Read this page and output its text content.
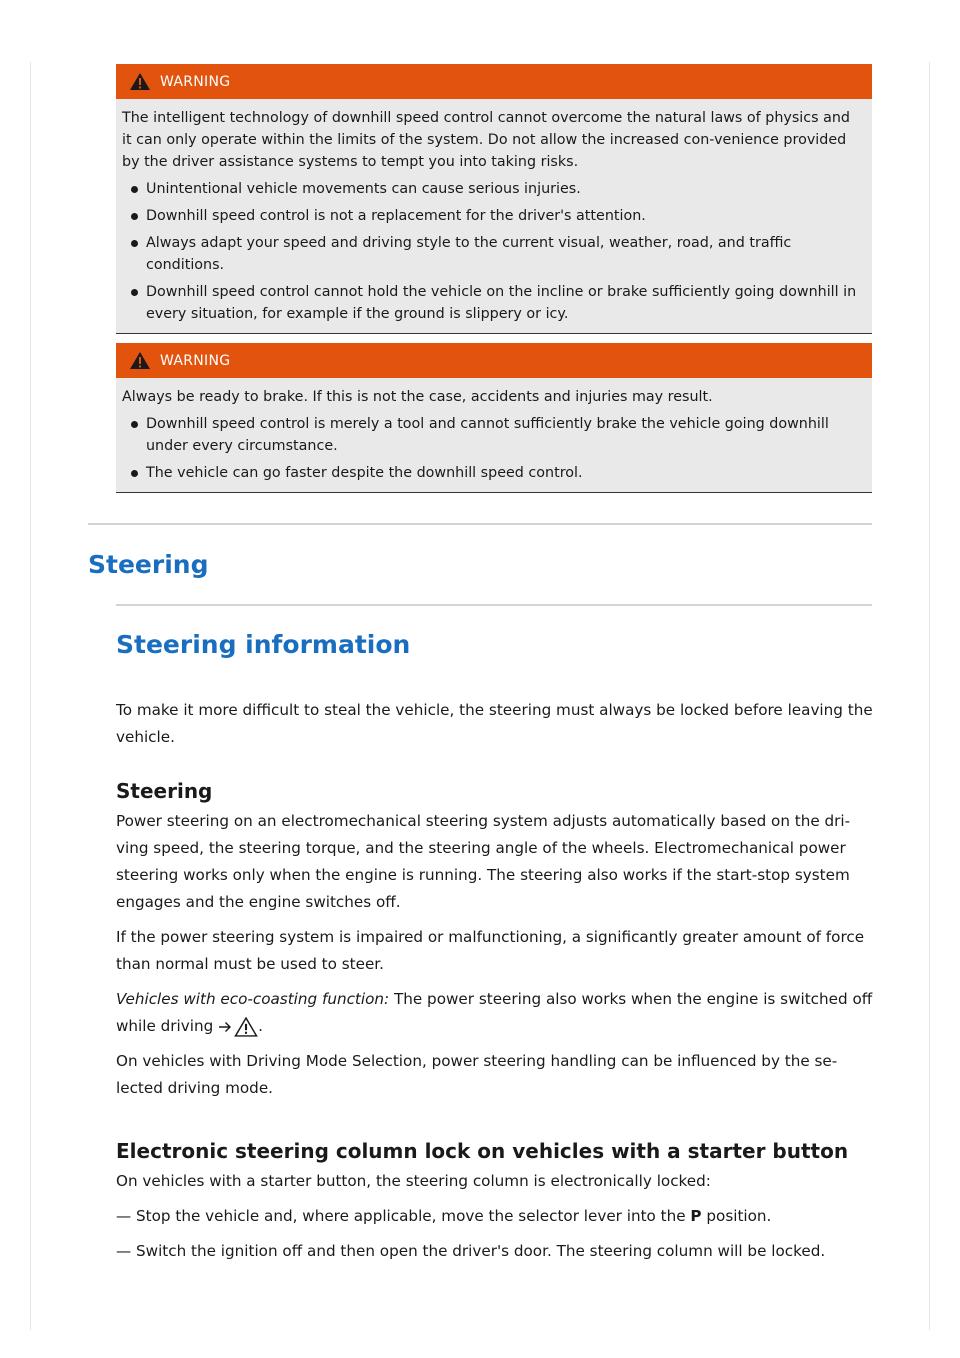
WARNING

The intelligent technology of downhill speed control cannot overcome the natural laws of physics and it can only operate within the limits of the system. Do not allow the increased con-venience provided by the driver assistance systems to tempt you into taking risks.

Unintentional vehicle movements can cause serious injuries.
Downhill speed control is not a replacement for the driver's attention.
Always adapt your speed and driving style to the current visual, weather, road, and traffic conditions.
Downhill speed control cannot hold the vehicle on the incline or brake sufficiently going downhill in every situation, for example if the ground is slippery or icy.
WARNING

Always be ready to brake. If this is not the case, accidents and injuries may result.

Downhill speed control is merely a tool and cannot sufficiently brake the vehicle going downhill under every circumstance.
The vehicle can go faster despite the downhill speed control.
Steering
Steering information

To make it more difficult to steal the vehicle, the steering must always be locked before leaving the vehicle.

Steering

Power steering on an electromechanical steering system adjusts automatically based on the dri-ving speed, the steering torque, and the steering angle of the wheels. Electromechanical power steering works only when the engine is running. The steering also works if the start-stop system engages and the engine switches off.

If the power steering system is impaired or malfunctioning, a significantly greater amount of force than normal must be used to steer.

Vehicles with eco-coasting function: The power steering also works when the engine is switched off while driving	.

On vehicles with Driving Mode Selection, power steering handling can be influenced by the se-lected driving mode.

Electronic steering column lock on vehicles with a starter button

On vehicles with a starter button, the steering column is electronically locked:

— Stop the vehicle and, where applicable, move the selector lever into the P position.

— Switch the ignition off and then open the driver's door. The steering column will be locked.
